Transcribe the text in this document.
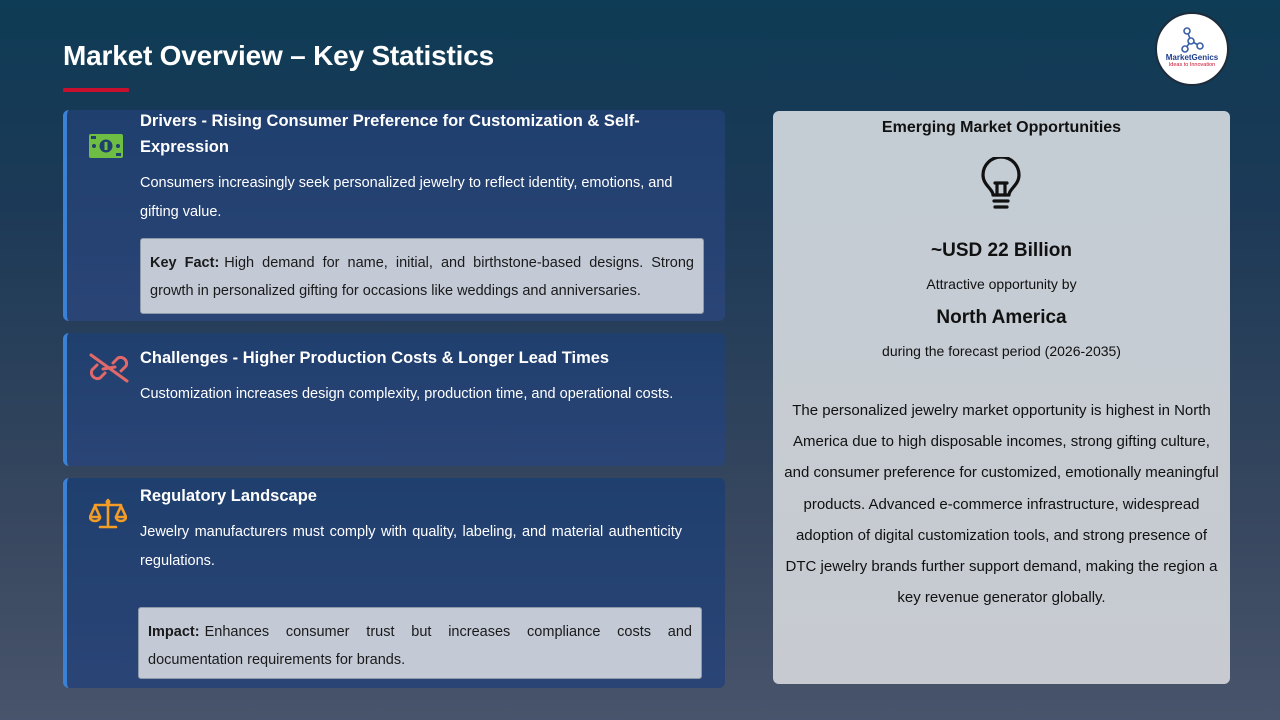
Market Overview – Key Statistics	MarketGenics
Ideas to Innovation
Drivers - Rising Consumer Preference for Customization & Self-Expression
Consumers increasingly seek personalized jewelry to reflect identity, emotions, and gifting value.
Key Fact: High demand for name, initial, and birthstone-based designs. Strong growth in personalized gifting for occasions like weddings and anniversaries.
Challenges - Higher Production Costs & Longer Lead Times
Customization increases design complexity, production time, and operational costs.
Regulatory Landscape
Jewelry manufacturers must comply with quality, labeling, and material authenticity regulations.
Impact: Enhances consumer trust but increases compliance costs and documentation requirements for brands.
Emerging Market Opportunities
~USD 22 Billion
Attractive opportunity by
North America
during the forecast period (2026-2035)
The personalized jewelry market opportunity is highest in North America due to high disposable incomes, strong gifting culture, and consumer preference for customized, emotionally meaningful products. Advanced e-commerce infrastructure, widespread adoption of digital customization tools, and strong presence of DTC jewelry brands further support demand, making the region a key revenue generator globally.
